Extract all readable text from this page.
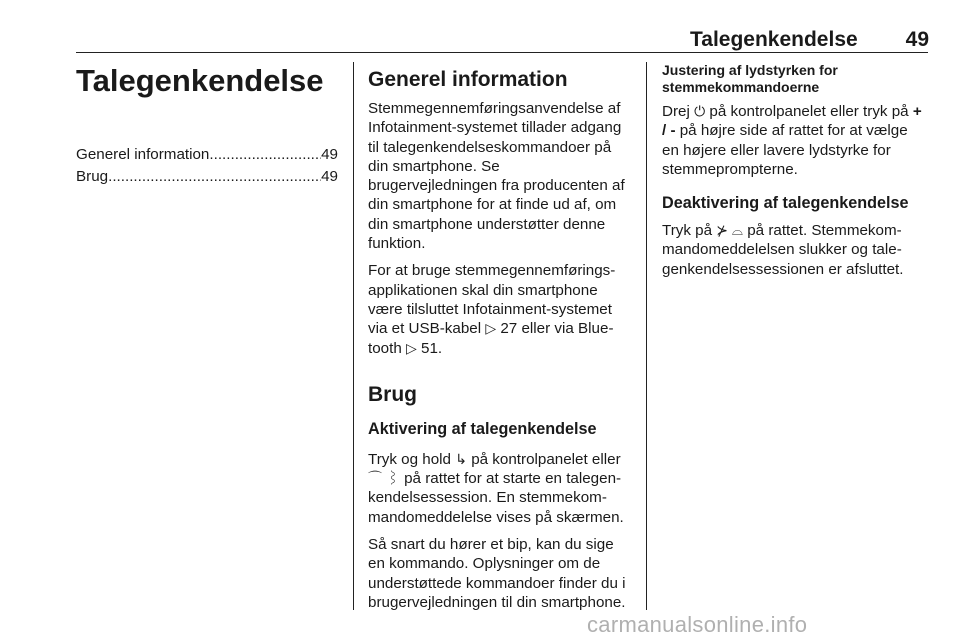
Talegenkendelse	49
Talegenkendelse
Generel information .....	49
Brug .....	49
Generel information

Stemmegennemføringsanvendelse af Infotainment-systemet tillader adgang til talegenkendelseskommandoer på din smartphone. Se brugervejledningen fra producenten af din smartphone for at finde ud af, om din smartphone understøtter denne funktion.

For at bruge stemmegennemføringsapplikationen skal din smartphone være tilsluttet Infotainment-systemet via et USB-kabel ▷ 27 eller via Bluetooth ▷ 51.

Brug
Aktivering af talegenkendelse

Tryk og hold ↳ på kontrolpanelet eller ⌒ ⌇ på rattet for at starte en talegenkendelsessession. En stemmekommandomeddelelse vises på skærmen.

Så snart du hører et bip, kan du sige en kommando. Oplysninger om de understøttede kommandoer finder du i brugervejledningen til din smartphone.

Justering af lydstyrken for stemmekommandoerne

Drej ⏻ på kontrolpanelet eller tryk på + / - på højre side af rattet for at vælge en højere eller lavere lydstyrke for stemmeprompterne.

Deaktivering af talegenkendelse

Tryk på ⊁ ⌓ på rattet. Stemmekommandomeddelelsen slukker og talegenkendelsessessionen er afsluttet.

carmanualsonline.info
